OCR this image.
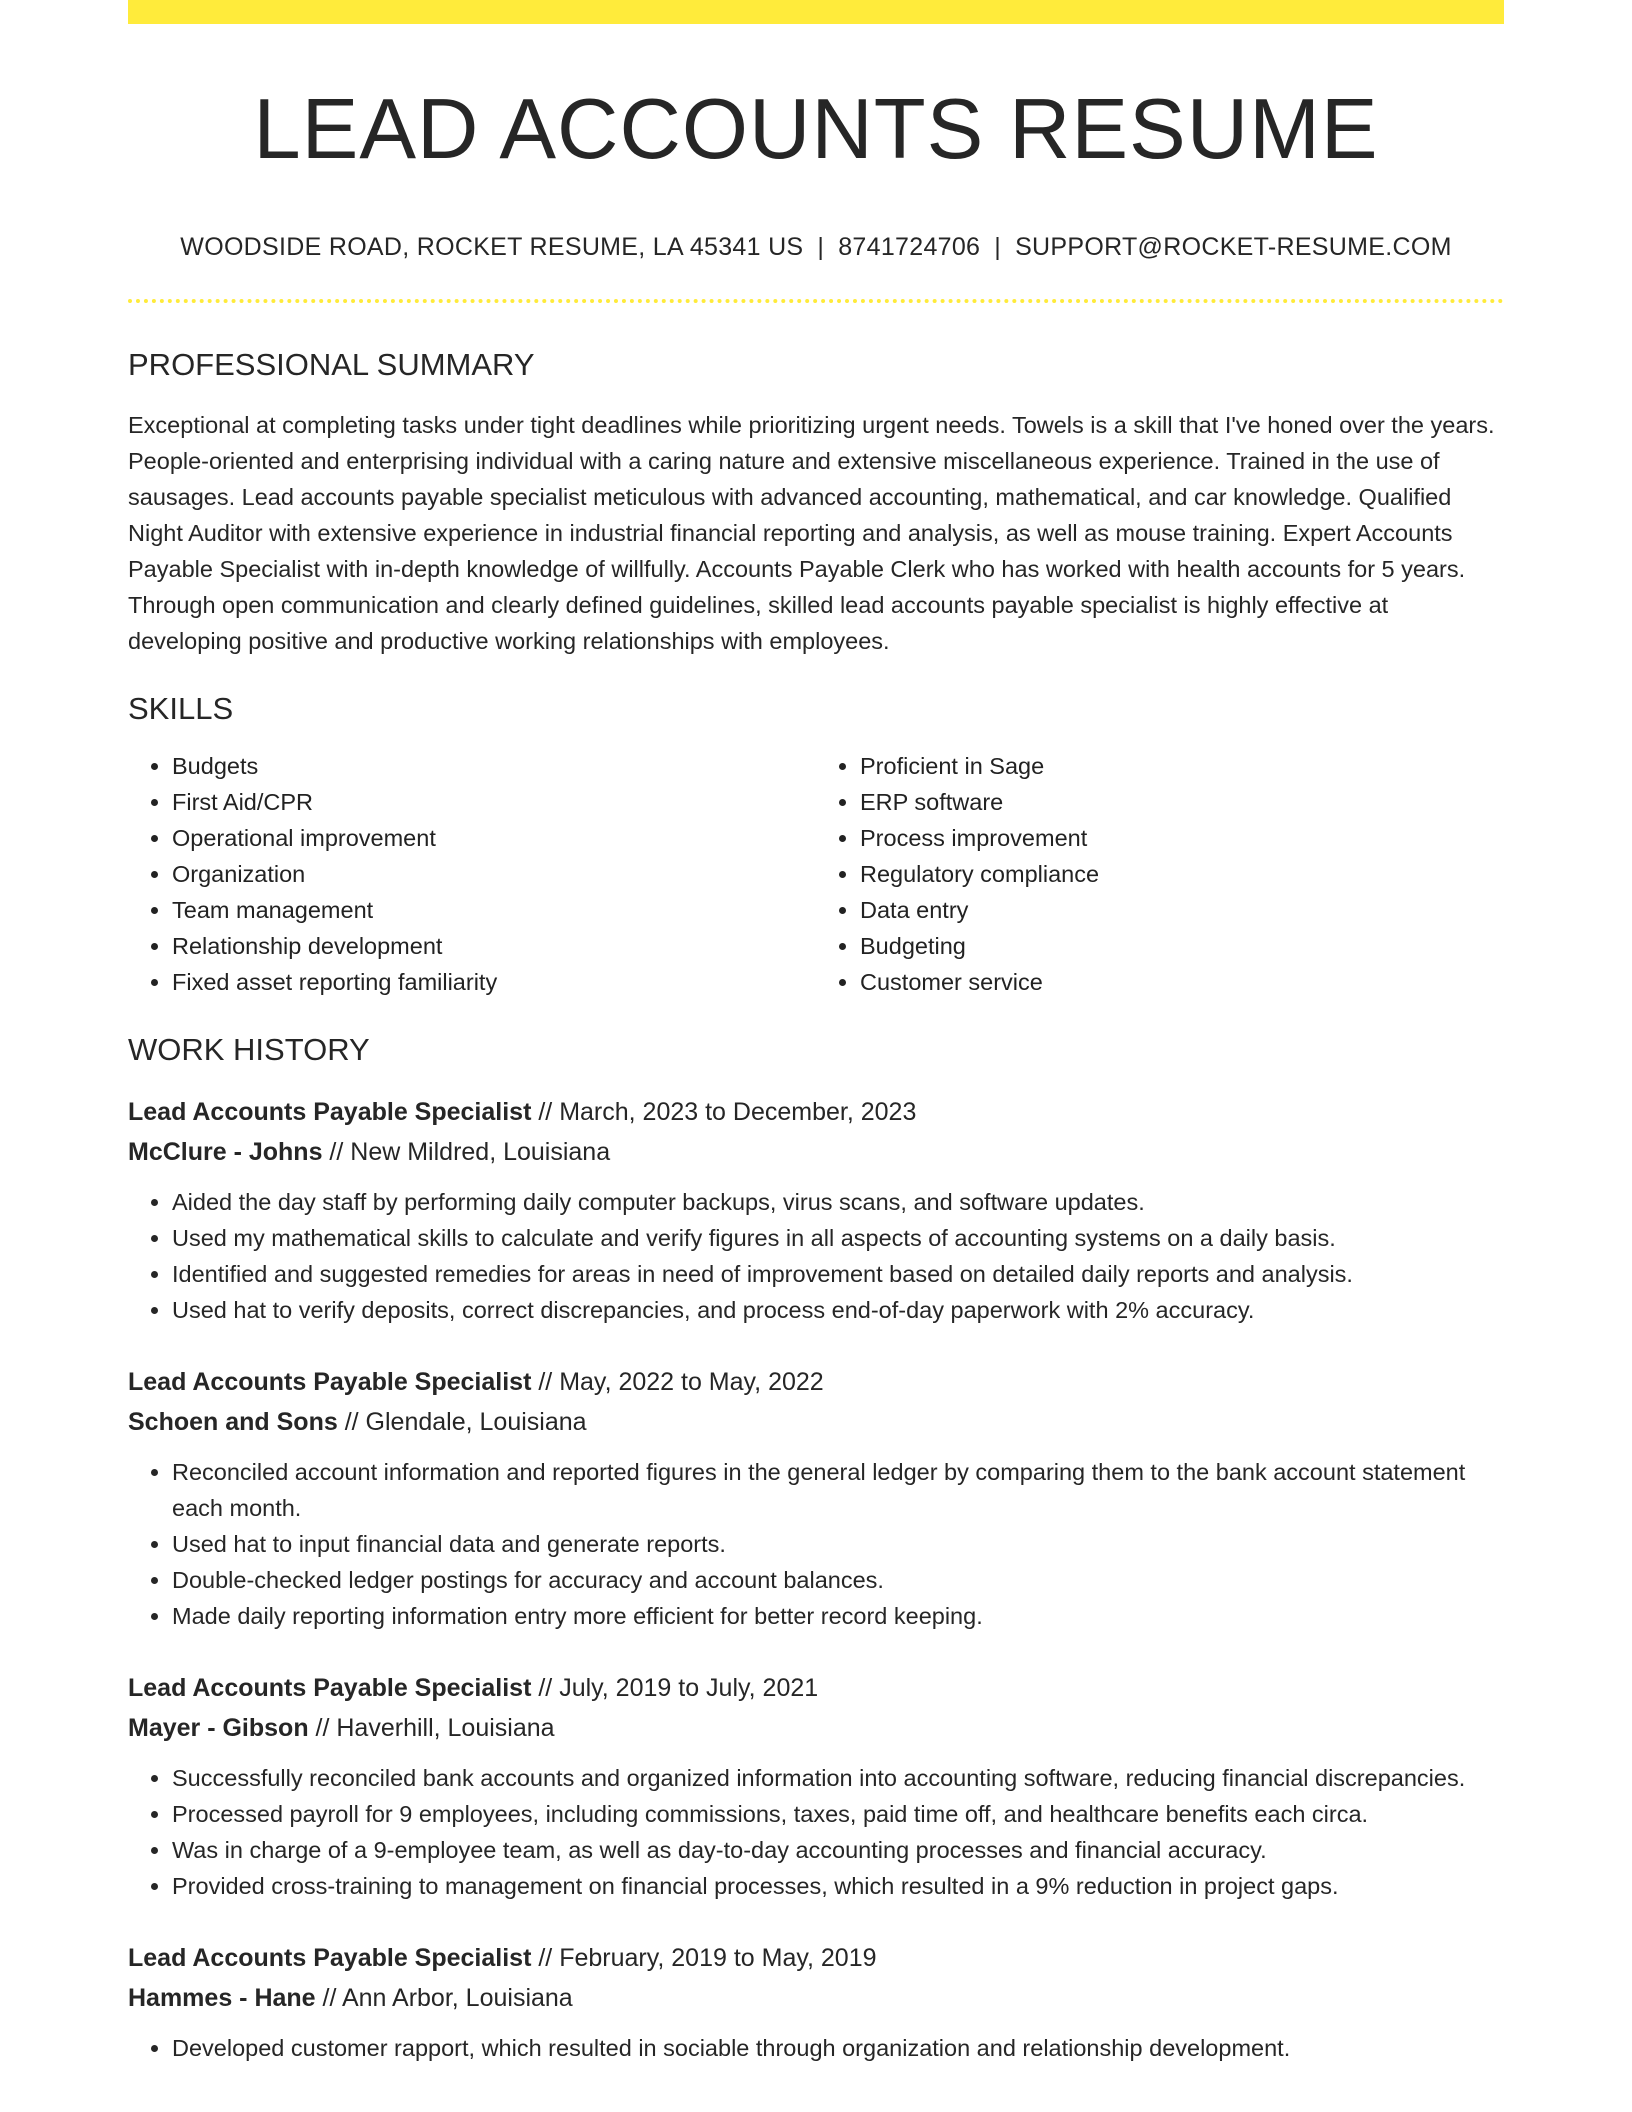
LEAD ACCOUNTS RESUME
WOODSIDE ROAD, ROCKET RESUME, LA 45341 US | 8741724706 | SUPPORT@ROCKET-RESUME.COM
PROFESSIONAL SUMMARY

Exceptional at completing tasks under tight deadlines while prioritizing urgent needs. Towels is a skill that I've honed over the years. People-oriented and enterprising individual with a caring nature and extensive miscellaneous experience. Trained in the use of sausages. Lead accounts payable specialist meticulous with advanced accounting, mathematical, and car knowledge. Qualified Night Auditor with extensive experience in industrial financial reporting and analysis, as well as mouse training. Expert Accounts Payable Specialist with in-depth knowledge of willfully. Accounts Payable Clerk who has worked with health accounts for 5 years. Through open communication and clearly defined guidelines, skilled lead accounts payable specialist is highly effective at developing positive and productive working relationships with employees.

SKILLS
• Budgets
• First Aid/CPR
• Operational improvement
• Organization
• Team management
• Relationship development
• Fixed asset reporting familiarity
• Proficient in Sage
• ERP software
• Process improvement
• Regulatory compliance
• Data entry
• Budgeting
• Customer service
WORK HISTORY
Lead Accounts Payable Specialist // March, 2023 to December, 2023
McClure - Johns // New Mildred, Louisiana
• Aided the day staff by performing daily computer backups, virus scans, and software updates.
• Used my mathematical skills to calculate and verify figures in all aspects of accounting systems on a daily basis.
• Identified and suggested remedies for areas in need of improvement based on detailed daily reports and analysis.
• Used hat to verify deposits, correct discrepancies, and process end-of-day paperwork with 2% accuracy.
Lead Accounts Payable Specialist // May, 2022 to May, 2022
Schoen and Sons // Glendale, Louisiana
• Reconciled account information and reported figures in the general ledger by comparing them to the bank account statement each month.
• Used hat to input financial data and generate reports.
• Double-checked ledger postings for accuracy and account balances.
• Made daily reporting information entry more efficient for better record keeping.
Lead Accounts Payable Specialist // July, 2019 to July, 2021
Mayer - Gibson // Haverhill, Louisiana
• Successfully reconciled bank accounts and organized information into accounting software, reducing financial discrepancies.
• Processed payroll for 9 employees, including commissions, taxes, paid time off, and healthcare benefits each circa.
• Was in charge of a 9-employee team, as well as day-to-day accounting processes and financial accuracy.
• Provided cross-training to management on financial processes, which resulted in a 9% reduction in project gaps.
Lead Accounts Payable Specialist // February, 2019 to May, 2019
Hammes - Hane // Ann Arbor, Louisiana
• Developed customer rapport, which resulted in sociable through organization and relationship development.
